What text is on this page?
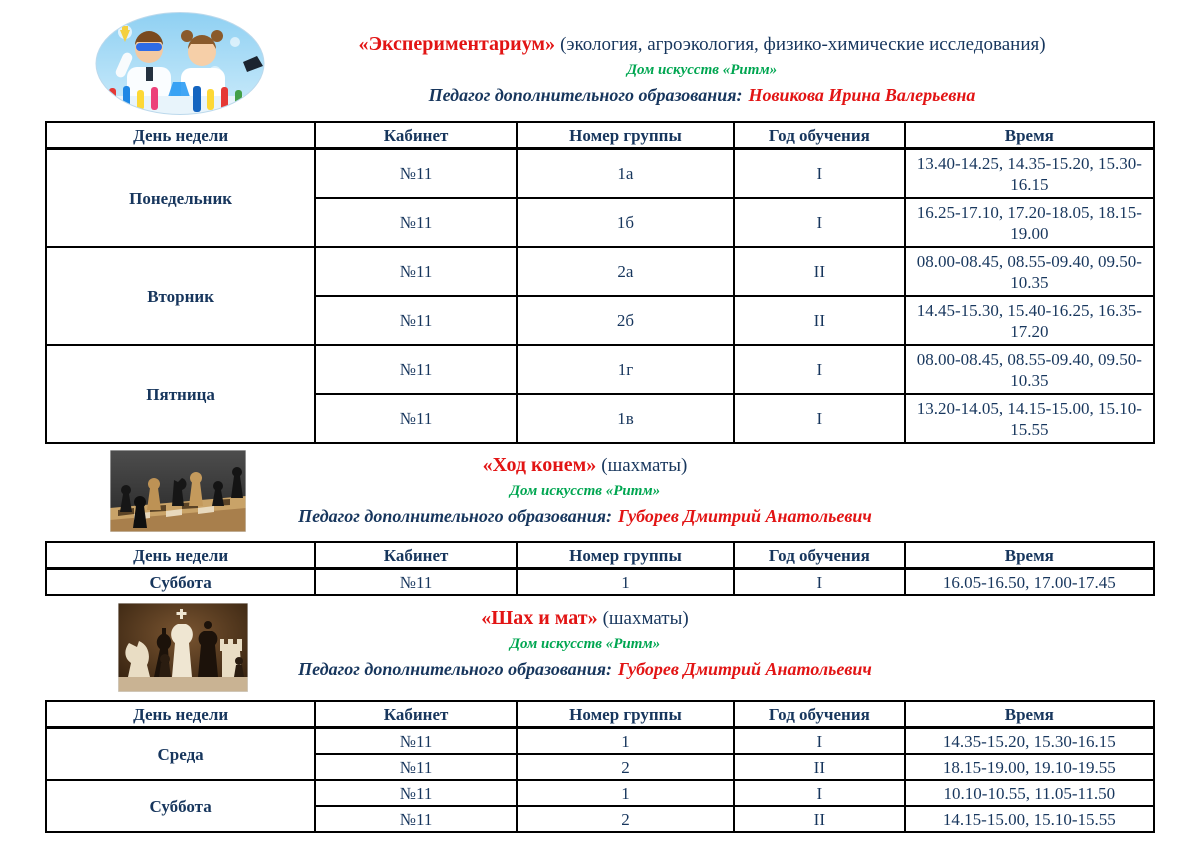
«Экспериментариум» (экология, агроэкология, физико-химические исследования)
Дом искусств «Ритм»
Педагог дополнительного образования: Новикова Ирина Валерьевна
День недели	Кабинет	Номер группы	Год обучения	Время
Понедельник	№11	1а	I	13.40-14.25, 14.35-15.20, 15.30-16.15
	№11	1б	I	16.25-17.10, 17.20-18.05, 18.15-19.00
Вторник	№11	2а	II	08.00-08.45, 08.55-09.40, 09.50-10.35
	№11	2б	II	14.45-15.30, 15.40-16.25, 16.35-17.20
Пятница	№11	1г	I	08.00-08.45, 08.55-09.40, 09.50-10.35
	№11	1в	I	13.20-14.05, 14.15-15.00, 15.10-15.55
«Ход конем» (шахматы)
Дом искусств «Ритм»
Педагог дополнительного образования: Губорев Дмитрий Анатольевич
День недели	Кабинет	Номер группы	Год обучения	Время
Суббота	№11	1	I	16.05-16.50, 17.00-17.45
«Шах и мат» (шахматы)
Дом искусств «Ритм»
Педагог дополнительного образования: Губорев Дмитрий Анатольевич
День недели	Кабинет	Номер группы	Год обучения	Время
Среда	№11	1	I	14.35-15.20, 15.30-16.15
	№11	2	II	18.15-19.00, 19.10-19.55
Суббота	№11	1	I	10.10-10.55, 11.05-11.50
	№11	2	II	14.15-15.00, 15.10-15.55
